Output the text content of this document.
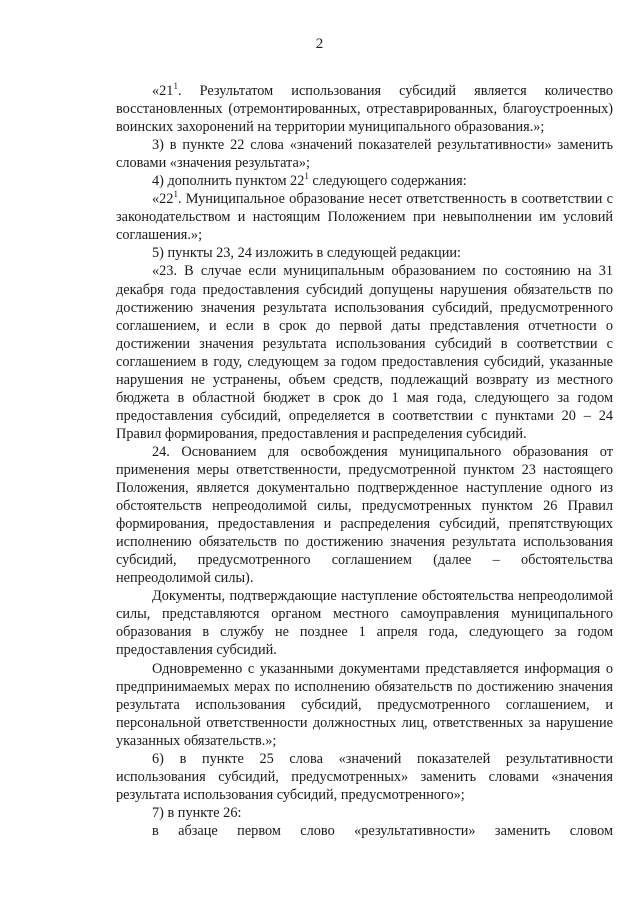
2

«$21^1$. Результатом использования субсидий является количество восстановленных (отремонтированных, отреставрированных, благоустроенных) воинских захоронений на территории муниципального образования.»;

3) в пункте 22 слова «значений показателей результативности» заменить словами «значения результата»;

4) дополнить пунктом $22^1$ следующего содержания:

«$22^1$. Муниципальное образование несет ответственность в соответствии с законодательством и настоящим Положением при невыполнении им условий соглашения.»;

5) пункты 23, 24 изложить в следующей редакции:

«23. В случае если муниципальным образованием по состоянию на 31 декабря года предоставления субсидий допущены нарушения обязательств по достижению значения результата использования субсидий, предусмотренного соглашением, и если в срок до первой даты представления отчетности о достижении значения результата использования субсидий в соответствии с соглашением в году, следующем за годом предоставления субсидий, указанные нарушения не устранены, объем средств, подлежащий возврату из местного бюджета в областной бюджет в срок до 1 мая года, следующего за годом предоставления субсидий, определяется в соответствии с пунктами 20 – 24 Правил формирования, предоставления и распределения субсидий.

24. Основанием для освобождения муниципального образования от применения меры ответственности, предусмотренной пунктом 23 настоящего Положения, является документально подтвержденное наступление одного из обстоятельств непреодолимой силы, предусмотренных пунктом 26 Правил формирования, предоставления и распределения субсидий, препятствующих исполнению обязательств по достижению значения результата использования субсидий, предусмотренного соглашением (далее – обстоятельства непреодолимой силы).

Документы, подтверждающие наступление обстоятельства непреодолимой силы, представляются органом местного самоуправления муниципального образования в службу не позднее 1 апреля года, следующего за годом предоставления субсидий.

Одновременно с указанными документами представляется информация о предпринимаемых мерах по исполнению обязательств по достижению значения результата использования субсидий, предусмотренного соглашением, и персональной ответственности должностных лиц, ответственных за нарушение указанных обязательств.»;

6) в пункте 25 слова «значений показателей результативности использования субсидий, предусмотренных» заменить словами «значения результата использования субсидий, предусмотренного»;

7) в пункте 26:

в абзаце первом слово «результативности» заменить словом
